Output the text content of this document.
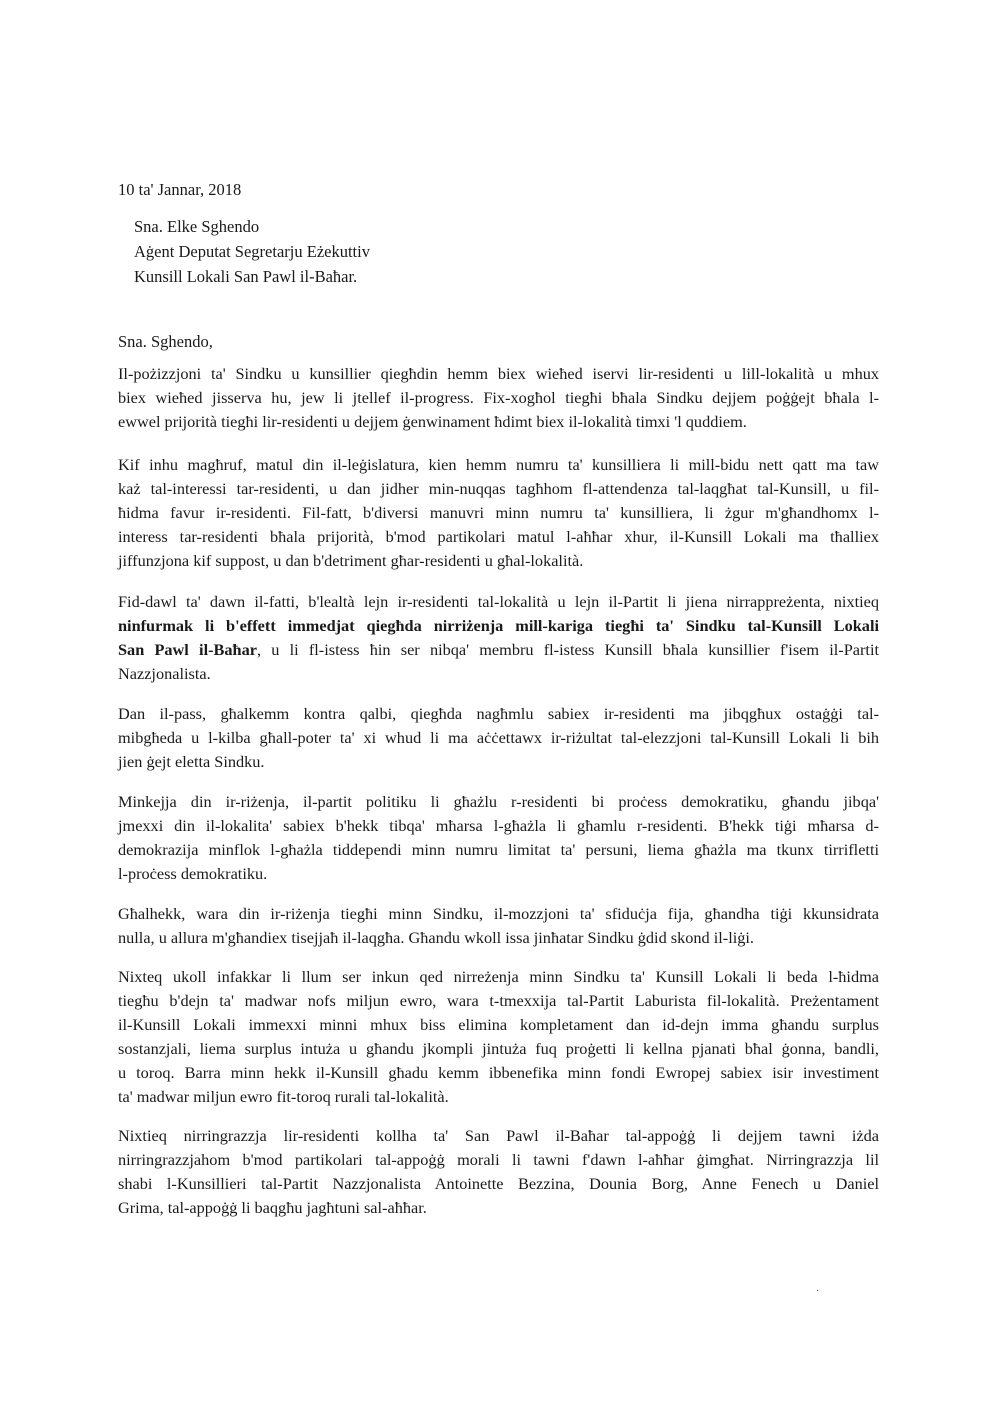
10 ta' Jannar, 2018
Sna. Elke Sghendo
Aġent Deputat Segretarju Eżekuttiv
Kunsill Lokali San Pawl il-Baħar.
Sna. Sghendo,
Il-pożizzjoni ta' Sindku u kunsillier qiegħdin hemm biex wieħed iservi lir-residenti u lill-lokalità u mhux
biex wieħed jisserva hu, jew li jtellef il-progress. Fix-xogħol tiegħi bħala Sindku dejjem poġġejt bħala l-
ewwel prijorità tiegħi lir-residenti u dejjem ġenwinament ħdimt biex il-lokalità timxi 'l quddiem.
Kif inhu magħruf, matul din il-leġislatura, kien hemm numru ta' kunsilliera li mill-bidu nett qatt ma taw
każ tal-interessi tar-residenti, u dan jidher min-nuqqas tagħhom fl-attendenza tal-laqgħat tal-Kunsill, u fil-
ħidma favur ir-residenti. Fil-fatt, b'diversi manuvri minn numru ta' kunsilliera, li żgur m'għandhomx l-
interess tar-residenti bħala prijorità, b'mod partikolari matul l-aħħar xhur, il-Kunsill Lokali ma tħalliex
jiffunzjona kif suppost, u dan b'detriment għar-residenti u għal-lokalità.
Fid-dawl ta' dawn il-fatti, b'lealtà lejn ir-residenti tal-lokalità u lejn il-Partit li jiena nirrappreżenta, nixtieq
ninfurmak li b'effett immedjat qiegħda nirriżenja mill-kariga tiegħi ta' Sindku tal-Kunsill Lokali
San Pawl il-Baħar, u li fl-istess ħin ser nibqa' membru fl-istess Kunsill bħala kunsillier f'isem il-Partit
Nazzjonalista.
Dan il-pass, għalkemm kontra qalbi, qiegħda nagħmlu sabiex ir-residenti ma jibqgħux ostaġġi tal-
mibgħeda u l-kilba għall-poter ta' xi whud li ma aċċettawx ir-riżultat tal-elezzjoni tal-Kunsill Lokali li bih
jien ġejt eletta Sindku.
Minkejja din ir-riżenja, il-partit politiku li għażlu r-residenti bi proċess demokratiku, għandu jibqa'
jmexxi din il-lokalita' sabiex b'hekk tibqa' mħarsa l-għażla li għamlu r-residenti. B'hekk tiġi mħarsa d-
demokrazija minflok l-għażla tiddependi minn numru limitat ta' persuni, liema għażla ma tkunx tirrifletti
l-proċess demokratiku.
Għalhekk, wara din ir-riżenja tiegħi minn Sindku, il-mozzjoni ta' sfiduċja fija, għandha tiġi kkunsidrata
nulla, u allura m'għandiex tisejjaħ il-laqgħa. Għandu wkoll issa jinħatar Sindku ġdid skond il-liġi.
Nixteq ukoll infakkar li llum ser inkun qed nirreżenja minn Sindku ta' Kunsill Lokali li beda l-ħidma
tiegħu b'dejn ta' madwar nofs miljun ewro, wara t-tmexxija tal-Partit Laburista fil-lokalità. Preżentament
il-Kunsill Lokali immexxi minni mhux biss elimina kompletament dan id-dejn imma għandu surplus
sostanzjali, liema surplus intuża u għandu jkompli jintuża fuq proġetti li kellna pjanati bħal ġonna, bandli,
u toroq. Barra minn hekk il-Kunsill għadu kemm ibbenefika minn fondi Ewropej sabiex isir investiment
ta' madwar miljun ewro fit-toroq rurali tal-lokalità.
Nixtieq nirringrazzja lir-residenti kollha ta' San Pawl il-Baħar tal-appoġġ li dejjem tawni iżda
nirringrazzjahom b'mod partikolari tal-appoġġ morali li tawni f'dawn l-aħħar ġimgħat. Nirringrazzja lil
shabi l-Kunsillieri tal-Partit Nazzjonalista Antoinette Bezzina, Dounia Borg, Anne Fenech u Daniel
Grima, tal-appoġġ li baqgħu jagħtuni sal-aħħar.
·
